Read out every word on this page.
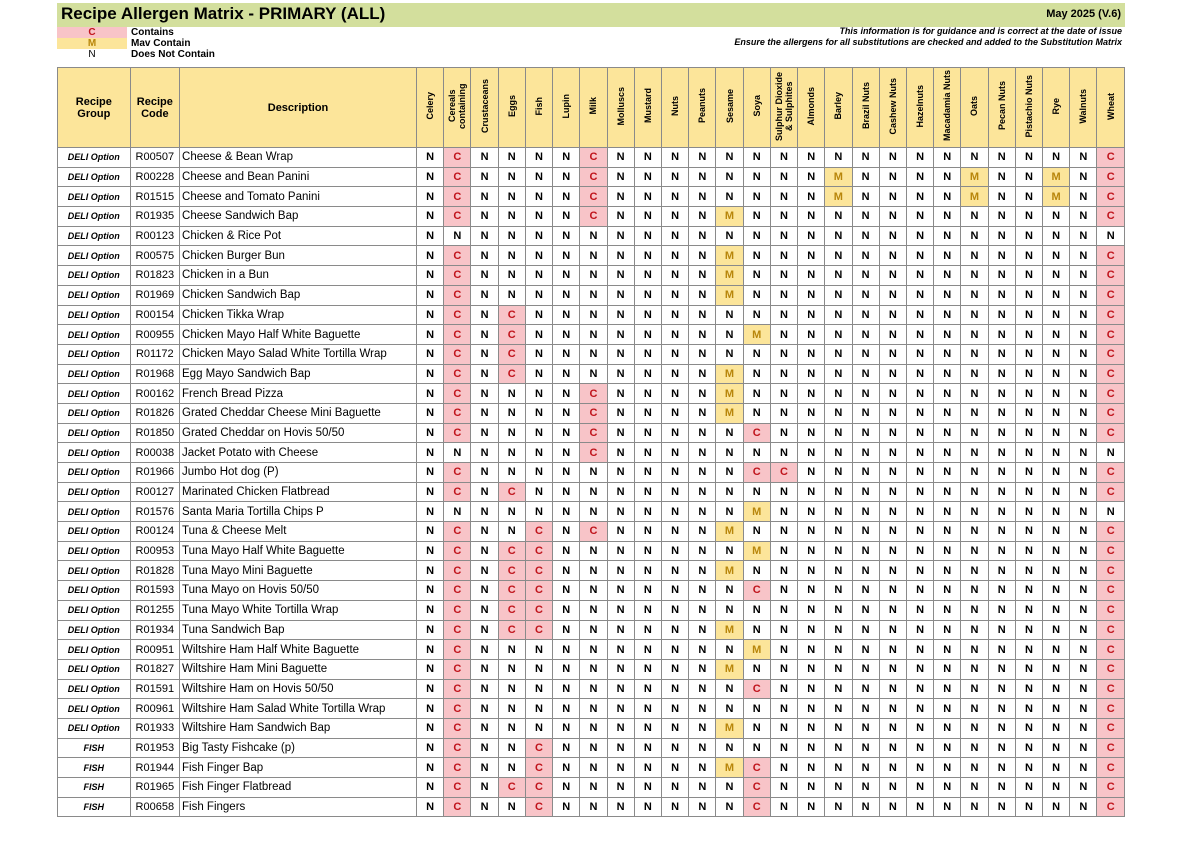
Recipe Allergen Matrix - PRIMARY (ALL)	May 2025 (V.6)
C	Contains
M	Mav Contain
N	Does Not Contain
This information is for guidance and is correct at the date of issue
Ensure the allergens for all substitutions are checked and added to the Substitution Matrix
Recipe Group	Recipe Code	Description	Celery	Cereals containing	Crustaceans	Eggs	Fish	Lupin	Milk	Molluscs	Mustard	Nuts	Peanuts	Sesame	Soya	Sulphur Dioxide & Sulphites	Almonds	Barley	Brazil Nuts	Cashew Nuts	Hazelnuts	Macadamia Nuts	Oats	Pecan Nuts	Pistachio Nuts	Rye	Walnuts	Wheat
DELI Option	R00507	Cheese & Bean Wrap	N	C	N	N	N	N	C	N	N	N	N	N	N	N	N	N	N	N	N	N	N	N	N	N	N	C
DELI Option	R00228	Cheese and Bean Panini	N	C	N	N	N	N	C	N	N	N	N	N	N	N	N	M	N	N	N	N	M	N	N	M	N	C
DELI Option	R01515	Cheese and Tomato Panini	N	C	N	N	N	N	C	N	N	N	N	N	N	N	N	M	N	N	N	N	M	N	N	M	N	C
DELI Option	R01935	Cheese Sandwich Bap	N	C	N	N	N	N	C	N	N	N	N	M	N	N	N	N	N	N	N	N	N	N	N	N	N	C
DELI Option	R00123	Chicken & Rice Pot	N	N	N	N	N	N	N	N	N	N	N	N	N	N	N	N	N	N	N	N	N	N	N	N	N	N
DELI Option	R00575	Chicken Burger Bun	N	C	N	N	N	N	N	N	N	N	N	M	N	N	N	N	N	N	N	N	N	N	N	N	N	C
DELI Option	R01823	Chicken in a Bun	N	C	N	N	N	N	N	N	N	N	N	M	N	N	N	N	N	N	N	N	N	N	N	N	N	C
DELI Option	R01969	Chicken Sandwich Bap	N	C	N	N	N	N	N	N	N	N	N	M	N	N	N	N	N	N	N	N	N	N	N	N	N	C
DELI Option	R00154	Chicken Tikka Wrap	N	C	N	C	N	N	N	N	N	N	N	N	N	N	N	N	N	N	N	N	N	N	N	N	N	C
DELI Option	R00955	Chicken Mayo Half White Baguette	N	C	N	C	N	N	N	N	N	N	N	N	M	N	N	N	N	N	N	N	N	N	N	N	N	C
DELI Option	R01172	Chicken Mayo Salad White Tortilla Wrap	N	C	N	C	N	N	N	N	N	N	N	N	N	N	N	N	N	N	N	N	N	N	N	N	N	C
DELI Option	R01968	Egg Mayo Sandwich Bap	N	C	N	C	N	N	N	N	N	N	N	M	N	N	N	N	N	N	N	N	N	N	N	N	N	C
DELI Option	R00162	French Bread Pizza	N	C	N	N	N	N	C	N	N	N	N	M	N	N	N	N	N	N	N	N	N	N	N	N	N	C
DELI Option	R01826	Grated Cheddar Cheese Mini Baguette	N	C	N	N	N	N	C	N	N	N	N	M	N	N	N	N	N	N	N	N	N	N	N	N	N	C
DELI Option	R01850	Grated Cheddar on Hovis 50/50	N	C	N	N	N	N	C	N	N	N	N	N	C	N	N	N	N	N	N	N	N	N	N	N	N	C
DELI Option	R00038	Jacket Potato with Cheese	N	N	N	N	N	N	C	N	N	N	N	N	N	N	N	N	N	N	N	N	N	N	N	N	N	N
DELI Option	R01966	Jumbo Hot dog (P)	N	C	N	N	N	N	N	N	N	N	N	N	C	C	N	N	N	N	N	N	N	N	N	N	N	C
DELI Option	R00127	Marinated Chicken Flatbread	N	C	N	C	N	N	N	N	N	N	N	N	N	N	N	N	N	N	N	N	N	N	N	N	N	C
DELI Option	R01576	Santa Maria Tortilla Chips P	N	N	N	N	N	N	N	N	N	N	N	N	M	N	N	N	N	N	N	N	N	N	N	N	N	N
DELI Option	R00124	Tuna & Cheese Melt	N	C	N	N	C	N	C	N	N	N	N	M	N	N	N	N	N	N	N	N	N	N	N	N	N	C
DELI Option	R00953	Tuna Mayo Half White Baguette	N	C	N	C	C	N	N	N	N	N	N	N	M	N	N	N	N	N	N	N	N	N	N	N	N	C
DELI Option	R01828	Tuna Mayo Mini Baguette	N	C	N	C	C	N	N	N	N	N	N	M	N	N	N	N	N	N	N	N	N	N	N	N	N	C
DELI Option	R01593	Tuna Mayo on Hovis 50/50	N	C	N	C	C	N	N	N	N	N	N	N	C	N	N	N	N	N	N	N	N	N	N	N	N	C
DELI Option	R01255	Tuna Mayo White Tortilla Wrap	N	C	N	C	C	N	N	N	N	N	N	N	N	N	N	N	N	N	N	N	N	N	N	N	N	C
DELI Option	R01934	Tuna Sandwich Bap	N	C	N	C	C	N	N	N	N	N	N	M	N	N	N	N	N	N	N	N	N	N	N	N	N	C
DELI Option	R00951	Wiltshire Ham Half White Baguette	N	C	N	N	N	N	N	N	N	N	N	N	M	N	N	N	N	N	N	N	N	N	N	N	N	C
DELI Option	R01827	Wiltshire Ham Mini Baguette	N	C	N	N	N	N	N	N	N	N	N	M	N	N	N	N	N	N	N	N	N	N	N	N	N	C
DELI Option	R01591	Wiltshire Ham on Hovis 50/50	N	C	N	N	N	N	N	N	N	N	N	N	C	N	N	N	N	N	N	N	N	N	N	N	N	C
DELI Option	R00961	Wiltshire Ham Salad White Tortilla Wrap	N	C	N	N	N	N	N	N	N	N	N	N	N	N	N	N	N	N	N	N	N	N	N	N	N	C
DELI Option	R01933	Wiltshire Ham Sandwich Bap	N	C	N	N	N	N	N	N	N	N	N	M	N	N	N	N	N	N	N	N	N	N	N	N	N	C
FISH	R01953	Big Tasty Fishcake (p)	N	C	N	N	C	N	N	N	N	N	N	N	N	N	N	N	N	N	N	N	N	N	N	N	N	C
FISH	R01944	Fish Finger Bap	N	C	N	N	C	N	N	N	N	N	N	M	C	N	N	N	N	N	N	N	N	N	N	N	N	C
FISH	R01965	Fish Finger Flatbread	N	C	N	C	C	N	N	N	N	N	N	N	C	N	N	N	N	N	N	N	N	N	N	N	N	C
FISH	R00658	Fish Fingers	N	C	N	N	C	N	N	N	N	N	N	N	C	N	N	N	N	N	N	N	N	N	N	N	N	C
